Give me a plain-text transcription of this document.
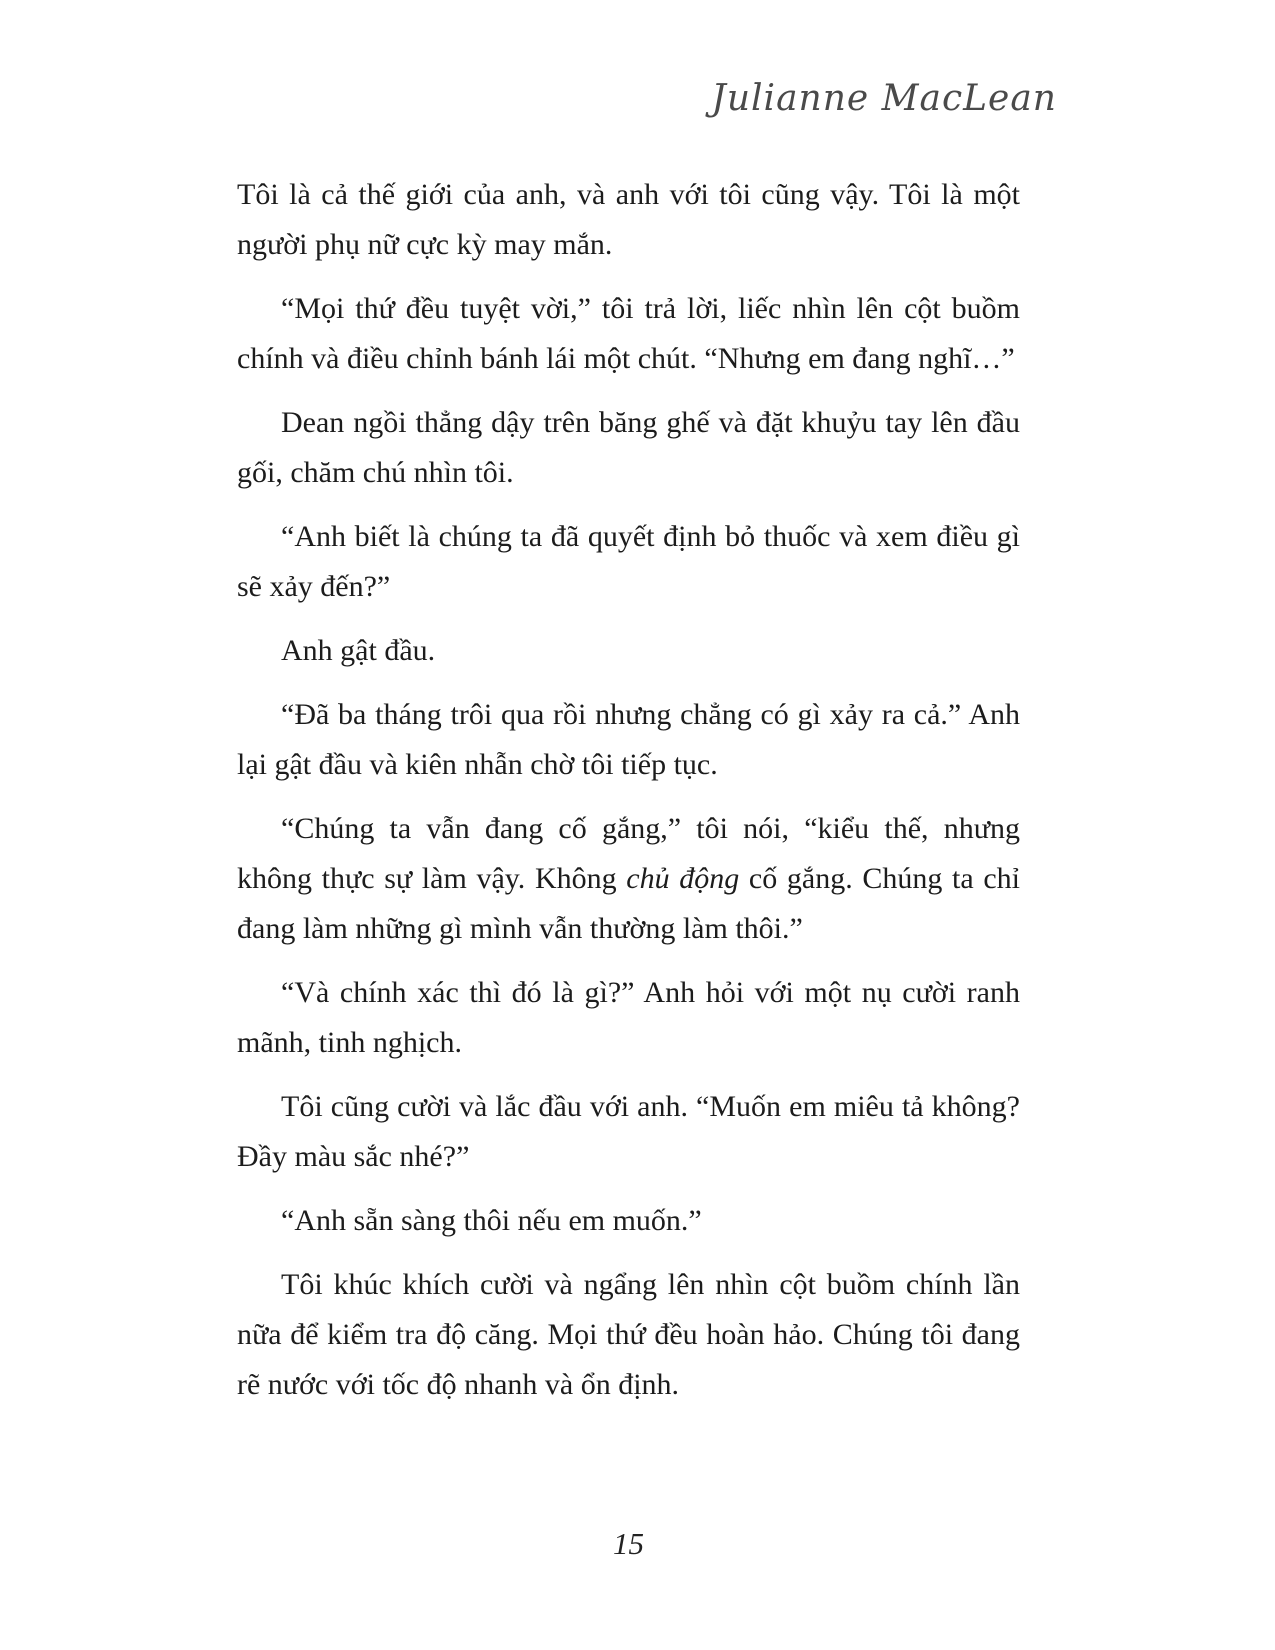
Julianne MacLean

Tôi là cả thế giới của anh, và anh với tôi cũng vậy. Tôi là một người phụ nữ cực kỳ may mắn.

“Mọi thứ đều tuyệt vời,” tôi trả lời, liếc nhìn lên cột buồm chính và điều chỉnh bánh lái một chút. “Nhưng em đang nghĩ…”

Dean ngồi thẳng dậy trên băng ghế và đặt khuỷu tay lên đầu gối, chăm chú nhìn tôi.

“Anh biết là chúng ta đã quyết định bỏ thuốc và xem điều gì sẽ xảy đến?”

Anh gật đầu.

“Đã ba tháng trôi qua rồi nhưng chẳng có gì xảy ra cả.” Anh lại gật đầu và kiên nhẫn chờ tôi tiếp tục.

“Chúng ta vẫn đang cố gắng,” tôi nói, “kiểu thế, nhưng không thực sự làm vậy. Không chủ động cố gắng. Chúng ta chỉ đang làm những gì mình vẫn thường làm thôi.”

“Và chính xác thì đó là gì?” Anh hỏi với một nụ cười ranh mãnh, tinh nghịch.

Tôi cũng cười và lắc đầu với anh. “Muốn em miêu tả không? Đầy màu sắc nhé?”

“Anh sẵn sàng thôi nếu em muốn.”

Tôi khúc khích cười và ngẩng lên nhìn cột buồm chính lần nữa để kiểm tra độ căng. Mọi thứ đều hoàn hảo. Chúng tôi đang rẽ nước với tốc độ nhanh và ổn định.

15
